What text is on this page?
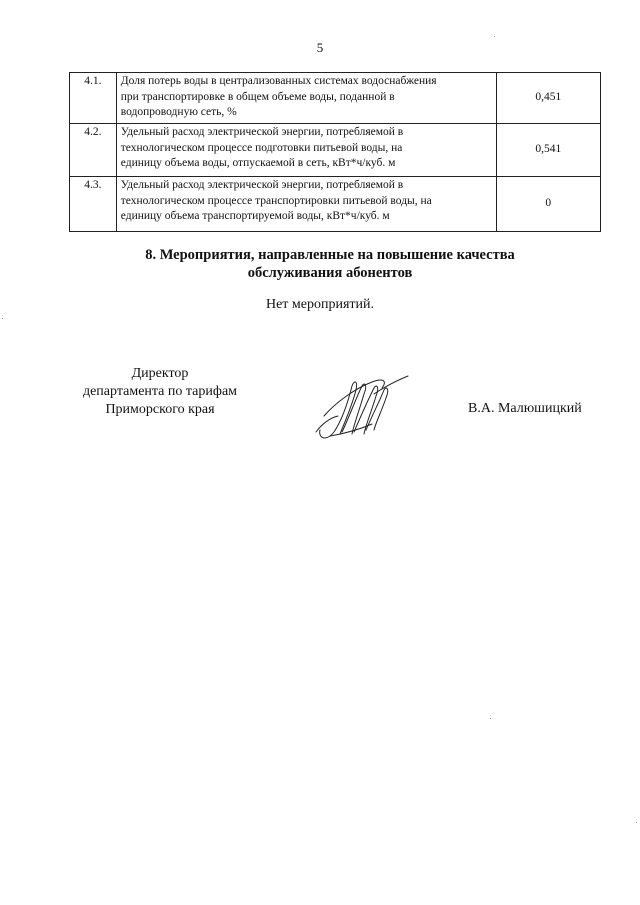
5
4.1.	Доля потерь воды в централизованных системах водоснабжения
при транспортировке в общем объеме воды, поданной в
водопроводную сеть, %	0,451
4.2.	Удельный расход электрической энергии, потребляемой в
технологическом процессе подготовки питьевой воды, на
единицу объема воды, отпускаемой в сеть, кВт*ч/куб. м	0,541
4.3.	Удельный расход электрической энергии, потребляемой в
технологическом процессе транспортировки питьевой воды, на
единицу объема транспортируемой воды, кВт*ч/куб. м	0
8. Мероприятия, направленные на повышение качества
обслуживания абонентов
Нет мероприятий.
Директор
департамента по тарифам
Приморского края	В.А. Малюшицкий
